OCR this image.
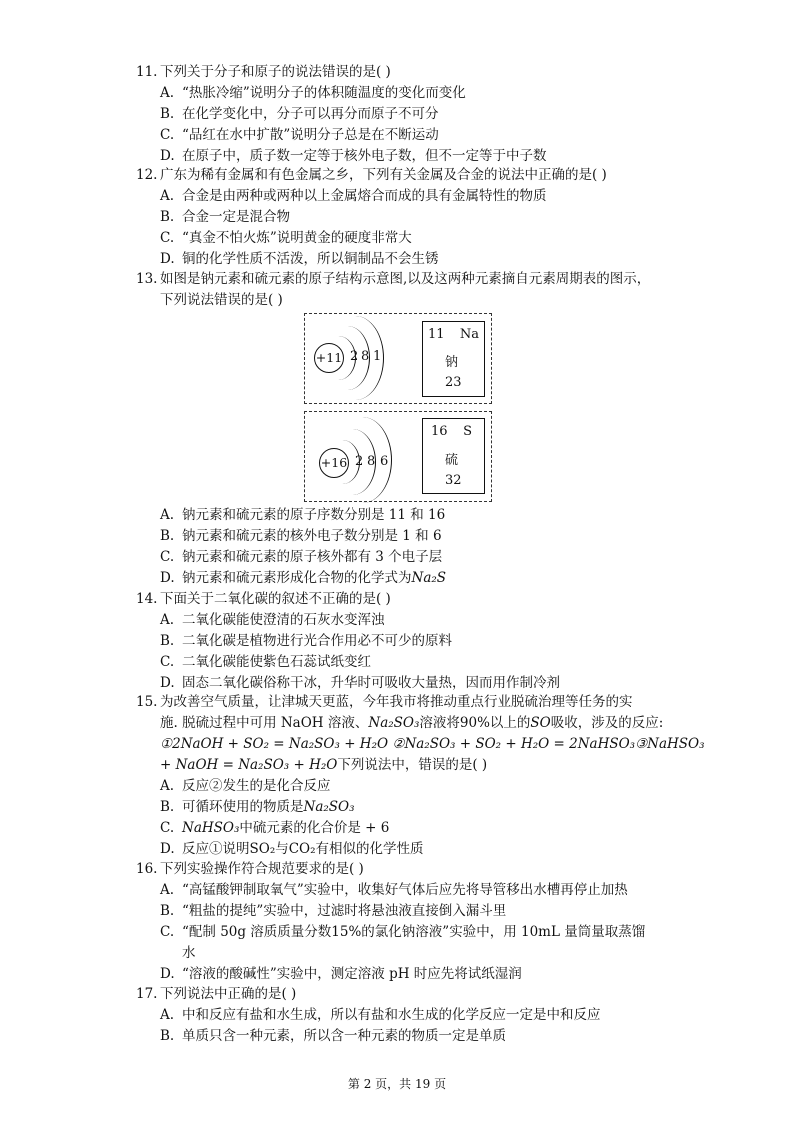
11. 下列关于分子和原子的说法错误的是( )
A. “热胀冷缩”说明分子的体积随温度的变化而变化
B. 在化学变化中，分子可以再分而原子不可分
C. “品红在水中扩散”说明分子总是在不断运动
D. 在原子中，质子数一定等于核外电子数，但不一定等于中子数
12. 广东为稀有金属和有色金属之乡，下列有关金属及合金的说法中正确的是( )
A. 合金是由两种或两种以上金属熔合而成的具有金属特性的物质
B. 合金一定是混合物
C. “真金不怕火炼”说明黄金的硬度非常大
D. 铜的化学性质不活泼，所以铜制品不会生锈
13. 如图是钠元素和硫元素的原子结构示意图,以及这两种元素摘自元素周期表的图示，
下列说法错误的是( )
+11 2 8 1
11 Na
钠
23
+16 2 8 6
16 S
硫
32
A. 钠元素和硫元素的原子序数分别是 11 和 16
B. 钠元素和硫元素的核外电子数分别是 1 和 6
C. 钠元素和硫元素的原子核外都有 3 个电子层
D. 钠元素和硫元素形成化合物的化学式为Na₂S
14. 下面关于二氧化碳的叙述不正确的是( )
A. 二氧化碳能使澄清的石灰水变浑浊
B. 二氧化碳是植物进行光合作用必不可少的原料
C. 二氧化碳能使紫色石蕊试纸变红
D. 固态二氧化碳俗称干冰，升华时可吸收大量热，因而用作制冷剂
15. 为改善空气质量，让津城天更蓝，今年我市将推动重点行业脱硫治理等任务的实
施. 脱硫过程中可用 NaOH 溶液、Na₂SO₃溶液将90%以上的SO吸收，涉及的反应:
①2NaOH + SO₂ = Na₂SO₃ + H₂O ②Na₂SO₃ + SO₂ + H₂O = 2NaHSO₃③NaHSO₃
+ NaOH = Na₂SO₃ + H₂O下列说法中，错误的是( )
A. 反应②发生的是化合反应
B. 可循环使用的物质是Na₂SO₃
C. NaHSO₃中硫元素的化合价是 + 6
D. 反应①说明SO₂与CO₂有相似的化学性质
16. 下列实验操作符合规范要求的是( )
A. “高锰酸钾制取氧气”实验中，收集好气体后应先将导管移出水槽再停止加热
B. “粗盐的提纯”实验中，过滤时将悬浊液直接倒入漏斗里
C. “配制 50g 溶质质量分数15%的氯化钠溶液”实验中，用 10mL 量筒量取蒸馏
水
D. “溶液的酸碱性”实验中，测定溶液 pH 时应先将试纸湿润
17. 下列说法中正确的是( )
A. 中和反应有盐和水生成，所以有盐和水生成的化学反应一定是中和反应
B. 单质只含一种元素，所以含一种元素的物质一定是单质
第 2 页，共 19 页
